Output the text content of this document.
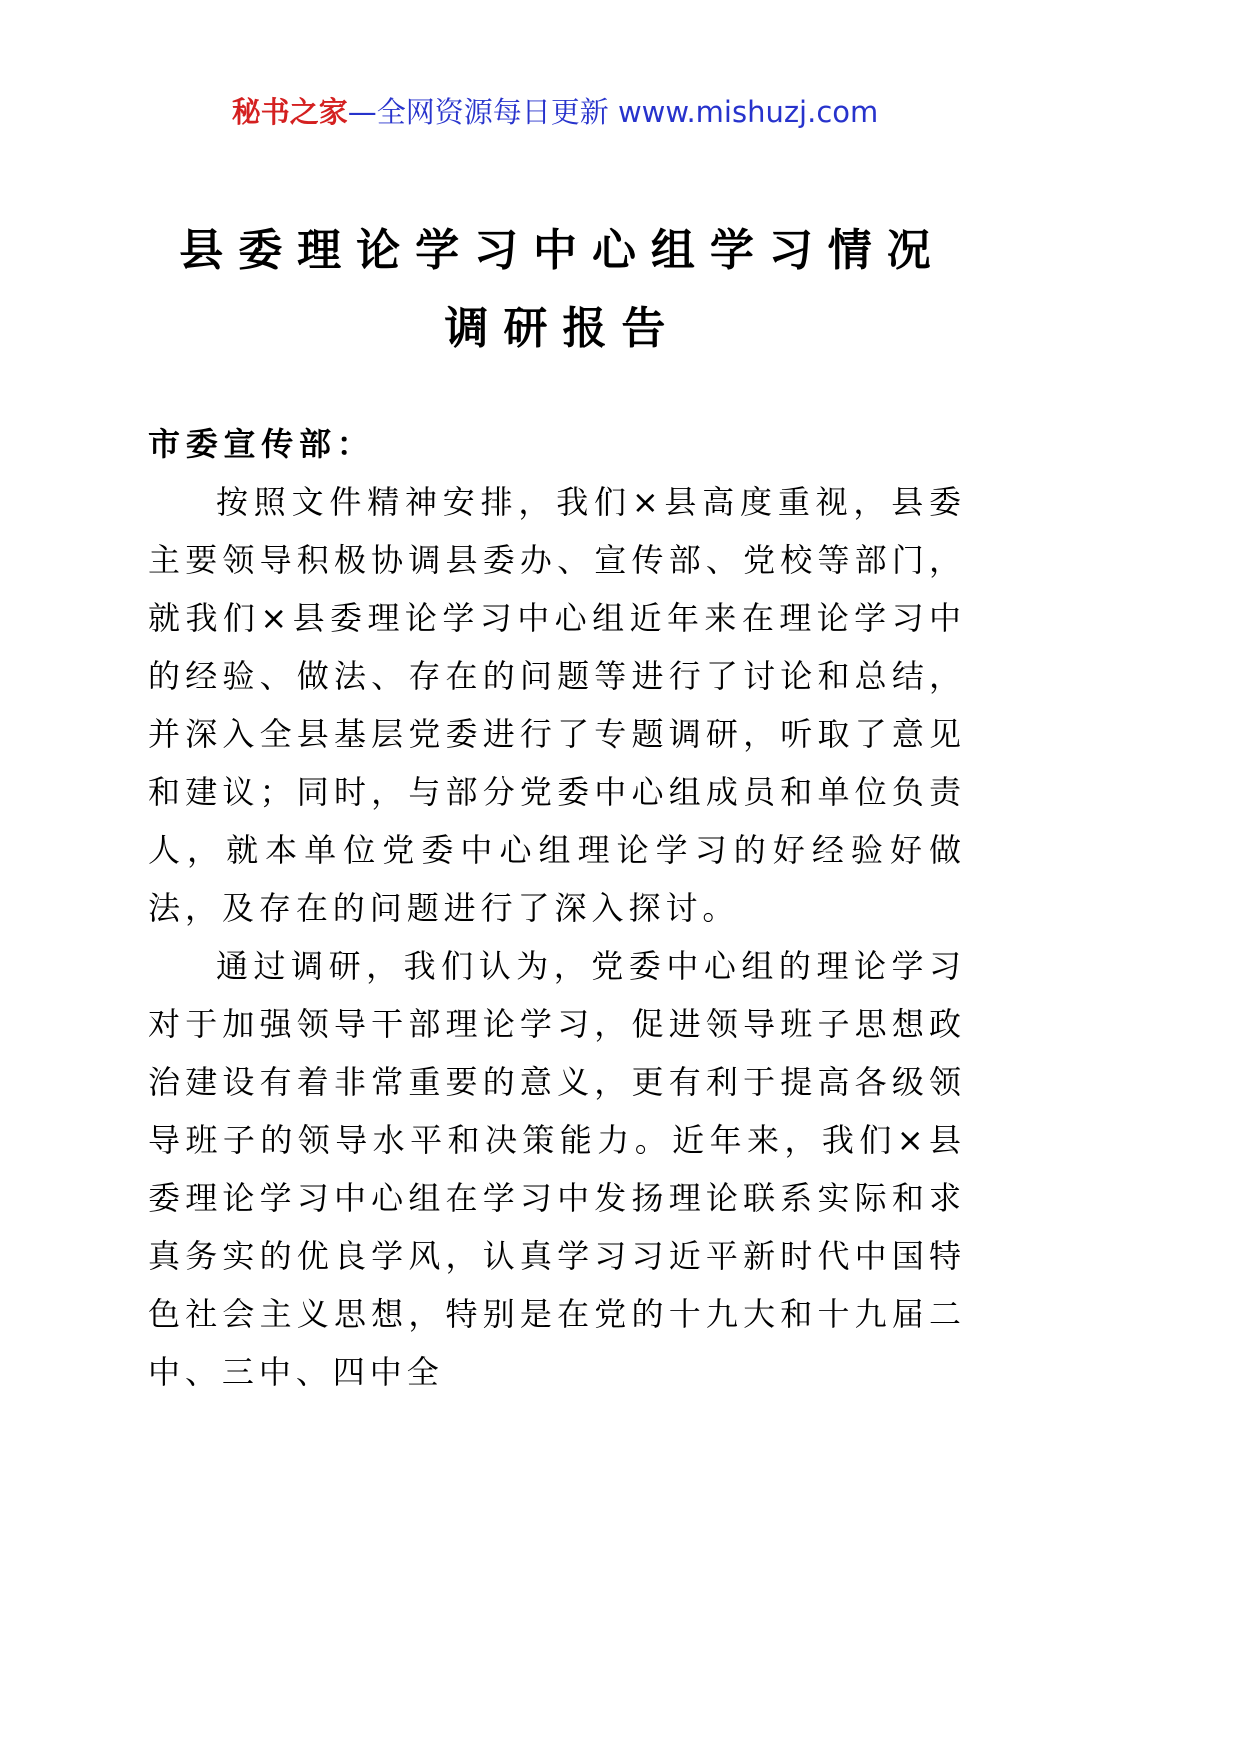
秘书之家—全网资源每日更新 www.mishuzj.com
县委理论学习中心组学习情况
调研报告

市委宣传部：

按照文件精神安排，我们×县高度重视，县委主要领导积极协调县委办、宣传部、党校等部门，就我们×县委理论学习中心组近年来在理论学习中的经验、做法、存在的问题等进行了讨论和总结，并深入全县基层党委进行了专题调研，听取了意见和建议；同时，与部分党委中心组成员和单位负责人，就本单位党委中心组理论学习的好经验好做法，及存在的问题进行了深入探讨。

通过调研，我们认为，党委中心组的理论学习对于加强领导干部理论学习，促进领导班子思想政治建设有着非常重要的意义，更有利于提高各级领导班子的领导水平和决策能力。近年来，我们×县委理论学习中心组在学习中发扬理论联系实际和求真务实的优良学风，认真学习习近平新时代中国特色社会主义思想，特别是在党的十九大和十九届二中、三中、四中全
